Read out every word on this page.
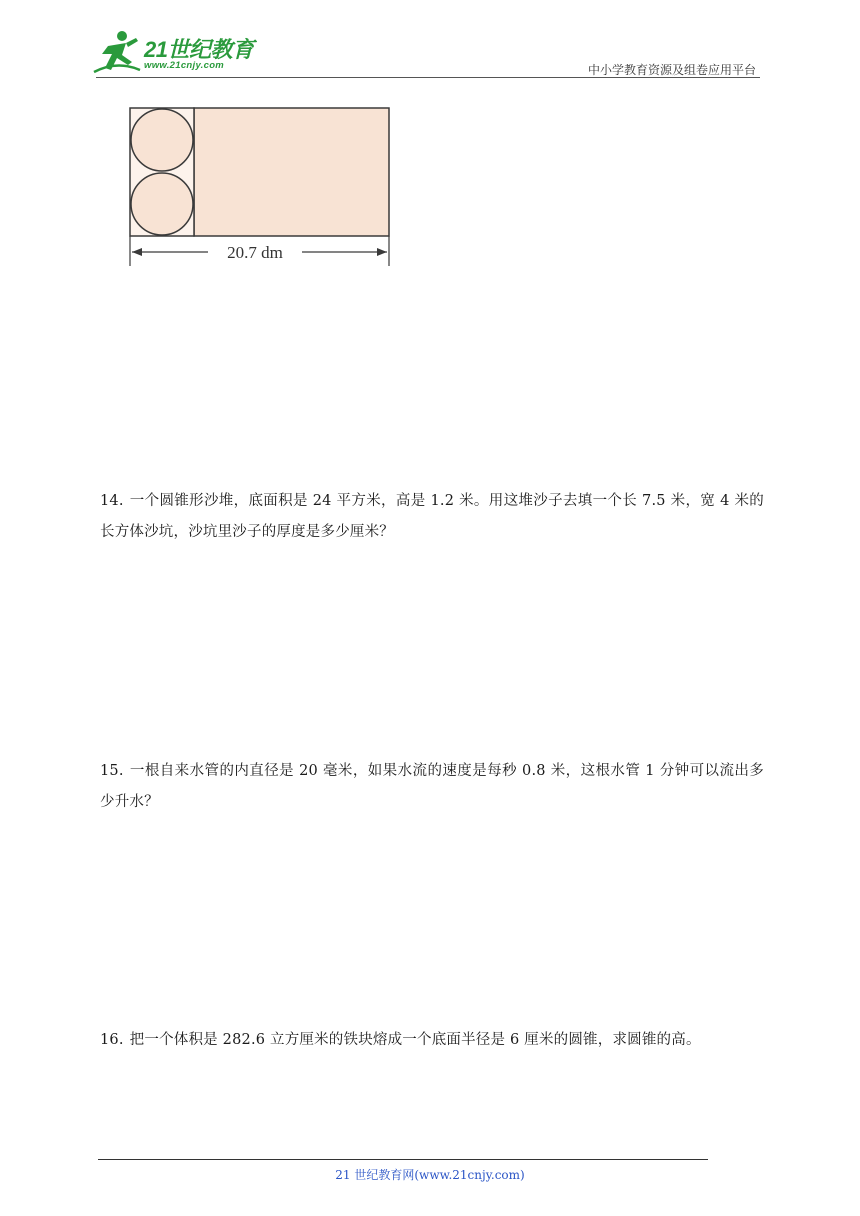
21世纪教育
www.21cnjy.com	中小学教育资源及组卷应用平台
20.7 dm
14. 一个圆锥形沙堆，底面积是 24 平方米，高是 1.2 米。用这堆沙子去填一个长 7.5 米，宽 4 米的长方体沙坑，沙坑里沙子的厚度是多少厘米？
15. 一根自来水管的内直径是 20 毫米，如果水流的速度是每秒 0.8 米，这根水管 1 分钟可以流出多少升水？
16. 把一个体积是 282.6 立方厘米的铁块熔成一个底面半径是 6 厘米的圆锥，求圆锥的高。
21 世纪教育网(www.21cnjy.com)
